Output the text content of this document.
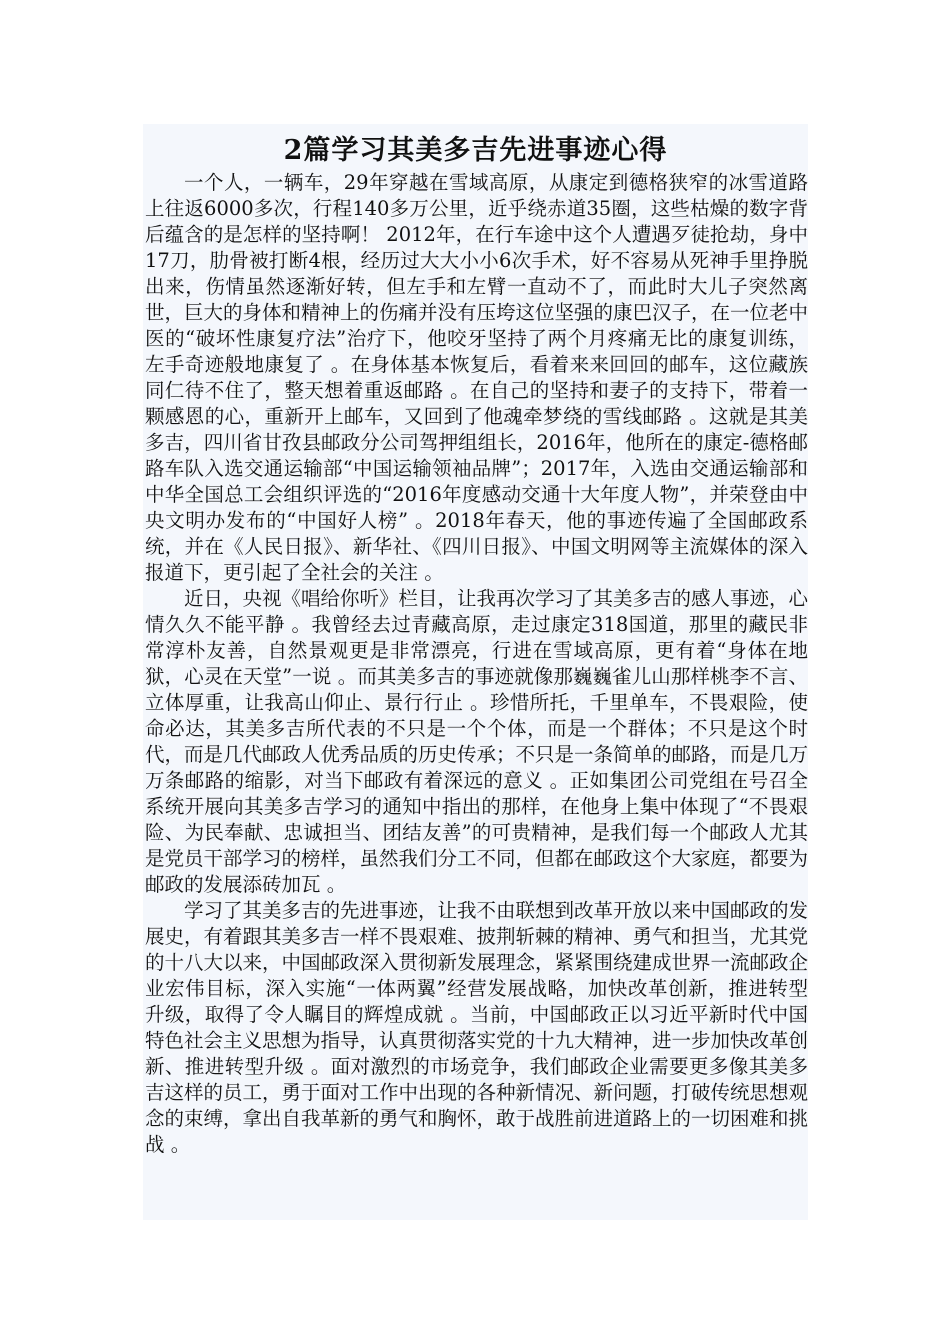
2篇学习其美多吉先进事迹心得

一个人，一辆车，29年穿越在雪域高原，从康定到德格狭窄的冰雪道路上往返6000多次，行程140多万公里，近乎绕赤道35圈，这些枯燥的数字背后蕴含的是怎样的坚持啊！ 2012年，在行车途中这个人遭遇歹徒抢劫，身中17刀，肋骨被打断4根，经历过大大小小6次手术，好不容易从死神手里挣脱出来，伤情虽然逐渐好转，但左手和左臂一直动不了，而此时大儿子突然离世，巨大的身体和精神上的伤痛并没有压垮这位坚强的康巴汉子，在一位老中医的“破坏性康复疗法”治疗下，他咬牙坚持了两个月疼痛无比的康复训练，左手奇迹般地康复了 。在身体基本恢复后，看着来来回回的邮车，这位藏族同仁待不住了，整天想着重返邮路 。在自己的坚持和妻子的支持下，带着一颗感恩的心，重新开上邮车，又回到了他魂牵梦绕的雪线邮路 。这就是其美多吉，四川省甘孜县邮政分公司驾押组组长，2016年，他所在的康定-德格邮路车队入选交通运输部“中国运输领袖品牌”；2017年，入选由交通运输部和中华全国总工会组织评选的“2016年度感动交通十大年度人物”，并荣登由中央文明办发布的“中国好人榜” 。2018年春天，他的事迹传遍了全国邮政系统，并在《人民日报》、新华社、《四川日报》、中国文明网等主流媒体的深入报道下，更引起了全社会的关注 。

近日，央视《唱给你听》栏目，让我再次学习了其美多吉的感人事迹，心情久久不能平静 。我曾经去过青藏高原，走过康定318国道，那里的藏民非常淳朴友善，自然景观更是非常漂亮，行进在雪域高原，更有着“身体在地狱，心灵在天堂”一说 。而其美多吉的事迹就像那巍巍雀儿山那样桃李不言、立体厚重，让我高山仰止、景行行止 。珍惜所托，千里单车，不畏艰险，使命必达，其美多吉所代表的不只是一个个体，而是一个群体；不只是这个时代，而是几代邮政人优秀品质的历史传承；不只是一条简单的邮路，而是几万万条邮路的缩影，对当下邮政有着深远的意义 。正如集团公司党组在号召全系统开展向其美多吉学习的通知中指出的那样，在他身上集中体现了“不畏艰险、为民奉献、忠诚担当、团结友善”的可贵精神，是我们每一个邮政人尤其是党员干部学习的榜样，虽然我们分工不同，但都在邮政这个大家庭，都要为邮政的发展添砖加瓦 。

学习了其美多吉的先进事迹，让我不由联想到改革开放以来中国邮政的发展史，有着跟其美多吉一样不畏艰难、披荆斩棘的精神、勇气和担当，尤其党的十八大以来，中国邮政深入贯彻新发展理念，紧紧围绕建成世界一流邮政企业宏伟目标，深入实施“一体两翼”经营发展战略，加快改革创新，推进转型升级，取得了令人瞩目的辉煌成就 。当前，中国邮政正以习近平新时代中国特色社会主义思想为指导，认真贯彻落实党的十九大精神，进一步加快改革创新、推进转型升级 。面对激烈的市场竞争，我们邮政企业需要更多像其美多吉这样的员工，勇于面对工作中出现的各种新情况、新问题，打破传统思想观念的束缚，拿出自我革新的勇气和胸怀，敢于战胜前进道路上的一切困难和挑战 。
